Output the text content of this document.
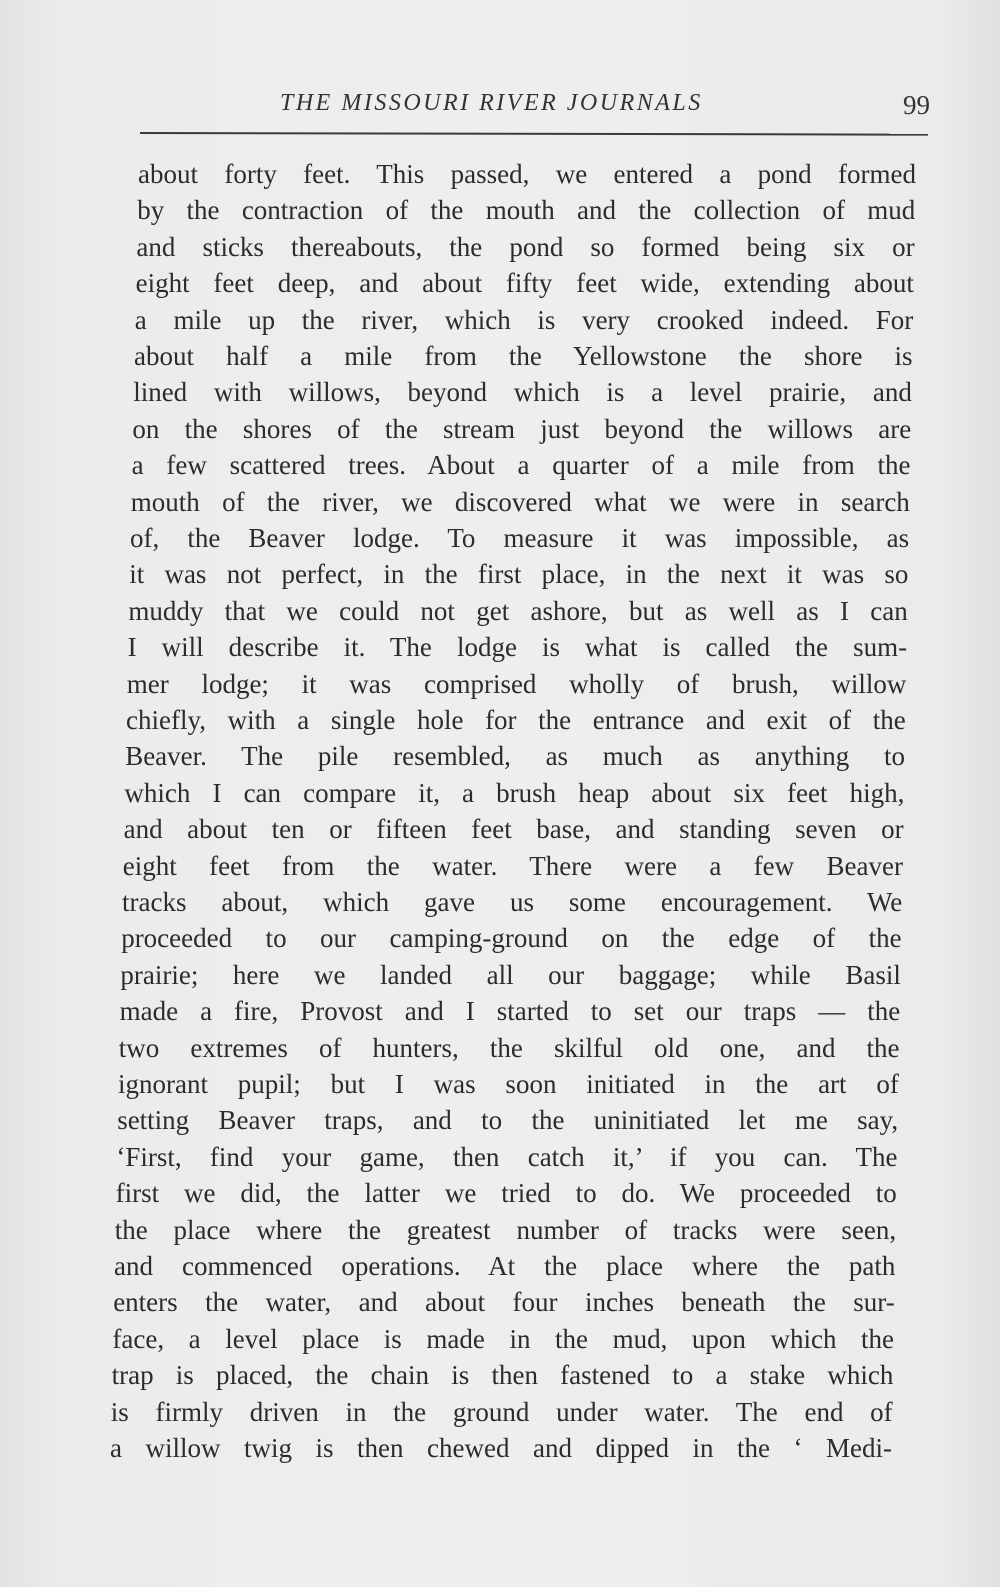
THE MISSOURI RIVER JOURNALS	99
about forty feet. This passed, we entered a pond formed
by the contraction of the mouth and the collection of mud
and sticks thereabouts, the pond so formed being six or
eight feet deep, and about fifty feet wide, extending about
a mile up the river, which is very crooked indeed. For
about half a mile from the Yellowstone the shore is
lined with willows, beyond which is a level prairie, and
on the shores of the stream just beyond the willows are
a few scattered trees. About a quarter of a mile from the
mouth of the river, we discovered what we were in search
of, the Beaver lodge. To measure it was impossible, as
it was not perfect, in the first place, in the next it was so
muddy that we could not get ashore, but as well as I can
I will describe it. The lodge is what is called the sum-
mer lodge; it was comprised wholly of brush, willow
chiefly, with a single hole for the entrance and exit of the
Beaver. The pile resembled, as much as anything to
which I can compare it, a brush heap about six feet high,
and about ten or fifteen feet base, and standing seven or
eight feet from the water. There were a few Beaver
tracks about, which gave us some encouragement. We
proceeded to our camping-ground on the edge of the
prairie; here we landed all our baggage; while Basil
made a fire, Provost and I started to set our traps — the
two extremes of hunters, the skilful old one, and the
ignorant pupil; but I was soon initiated in the art of
setting Beaver traps, and to the uninitiated let me say,
‘First, find your game, then catch it,’ if you can. The
first we did, the latter we tried to do. We proceeded to
the place where the greatest number of tracks were seen,
and commenced operations. At the place where the path
enters the water, and about four inches beneath the sur-
face, a level place is made in the mud, upon which the
trap is placed, the chain is then fastened to a stake which
is firmly driven in the ground under water. The end of
a willow twig is then chewed and dipped in the ‘ Medi-
